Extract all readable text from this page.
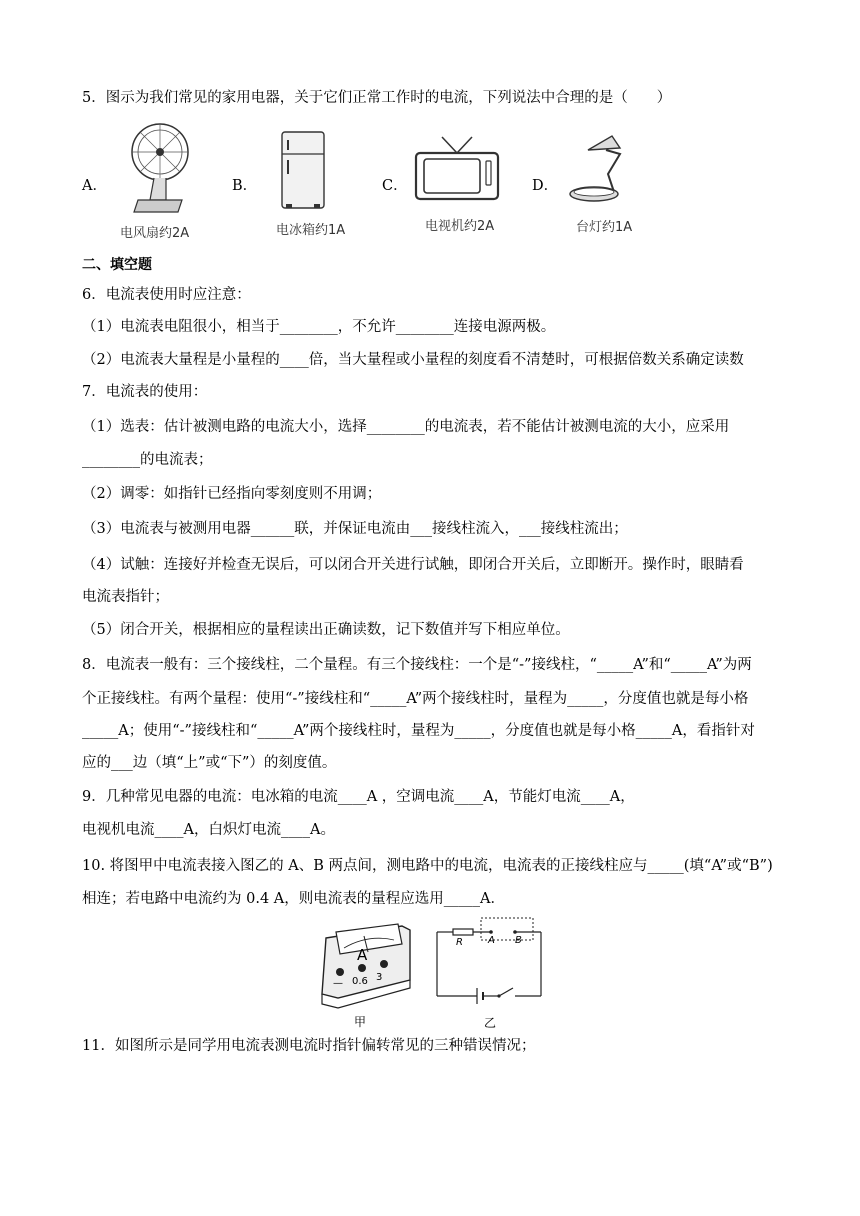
5．图示为我们常见的家用电器，关于它们正常工作时的电流，下列说法中合理的是（　　）
A．
电风扇约2A
B．
电冰箱约1A
C．
电视机约2A
D．
台灯约1A
二、填空题
6．电流表使用时应注意：
（1）电流表电阻很小，相当于________，不允许________连接电源两极。
（2）电流表大量程是小量程的____倍，当大量程或小量程的刻度看不清楚时，可根据倍数关系确定读数
7．电流表的使用：
（1）选表：估计被测电路的电流大小，选择________的电流表，若不能估计被测电流的大小，应采用
________的电流表；
（2）调零：如指针已经指向零刻度则不用调；
（3）电流表与被测用电器______联，并保证电流由___接线柱流入，___接线柱流出；
（4）试触：连接好并检查无误后，可以闭合开关进行试触，即闭合开关后，立即断开。操作时，眼睛看
电流表指针；
（5）闭合开关，根据相应的量程读出正确读数，记下数值并写下相应单位。
8．电流表一般有：三个接线柱，二个量程。有三个接线柱：一个是“-”接线柱，“_____A”和“_____A”为两
个正接线柱。有两个量程：使用“-”接线柱和“_____A”两个接线柱时，量程为_____，分度值也就是每小格
_____A；使用“-”接线柱和“_____A”两个接线柱时，量程为_____，分度值也就是每小格_____A，看指针对
应的___边（填“上”或“下”）的刻度值。
9．几种常见电器的电流：电冰箱的电流____A ，空调电流____A，节能灯电流____A，
电视机电流____A，白炽灯电流____A。
10. 将图甲中电流表接入图乙的 A、B 两点间，测电路中的电流，电流表的正接线柱应与_____(填“A”或“B”)
相连；若电路中电流约为 0.4 A，则电流表的量程应选用_____A．
A
— 0.6 3
甲
R	A B
乙
11．如图所示是同学用电流表测电流时指针偏转常见的三种错误情况；
